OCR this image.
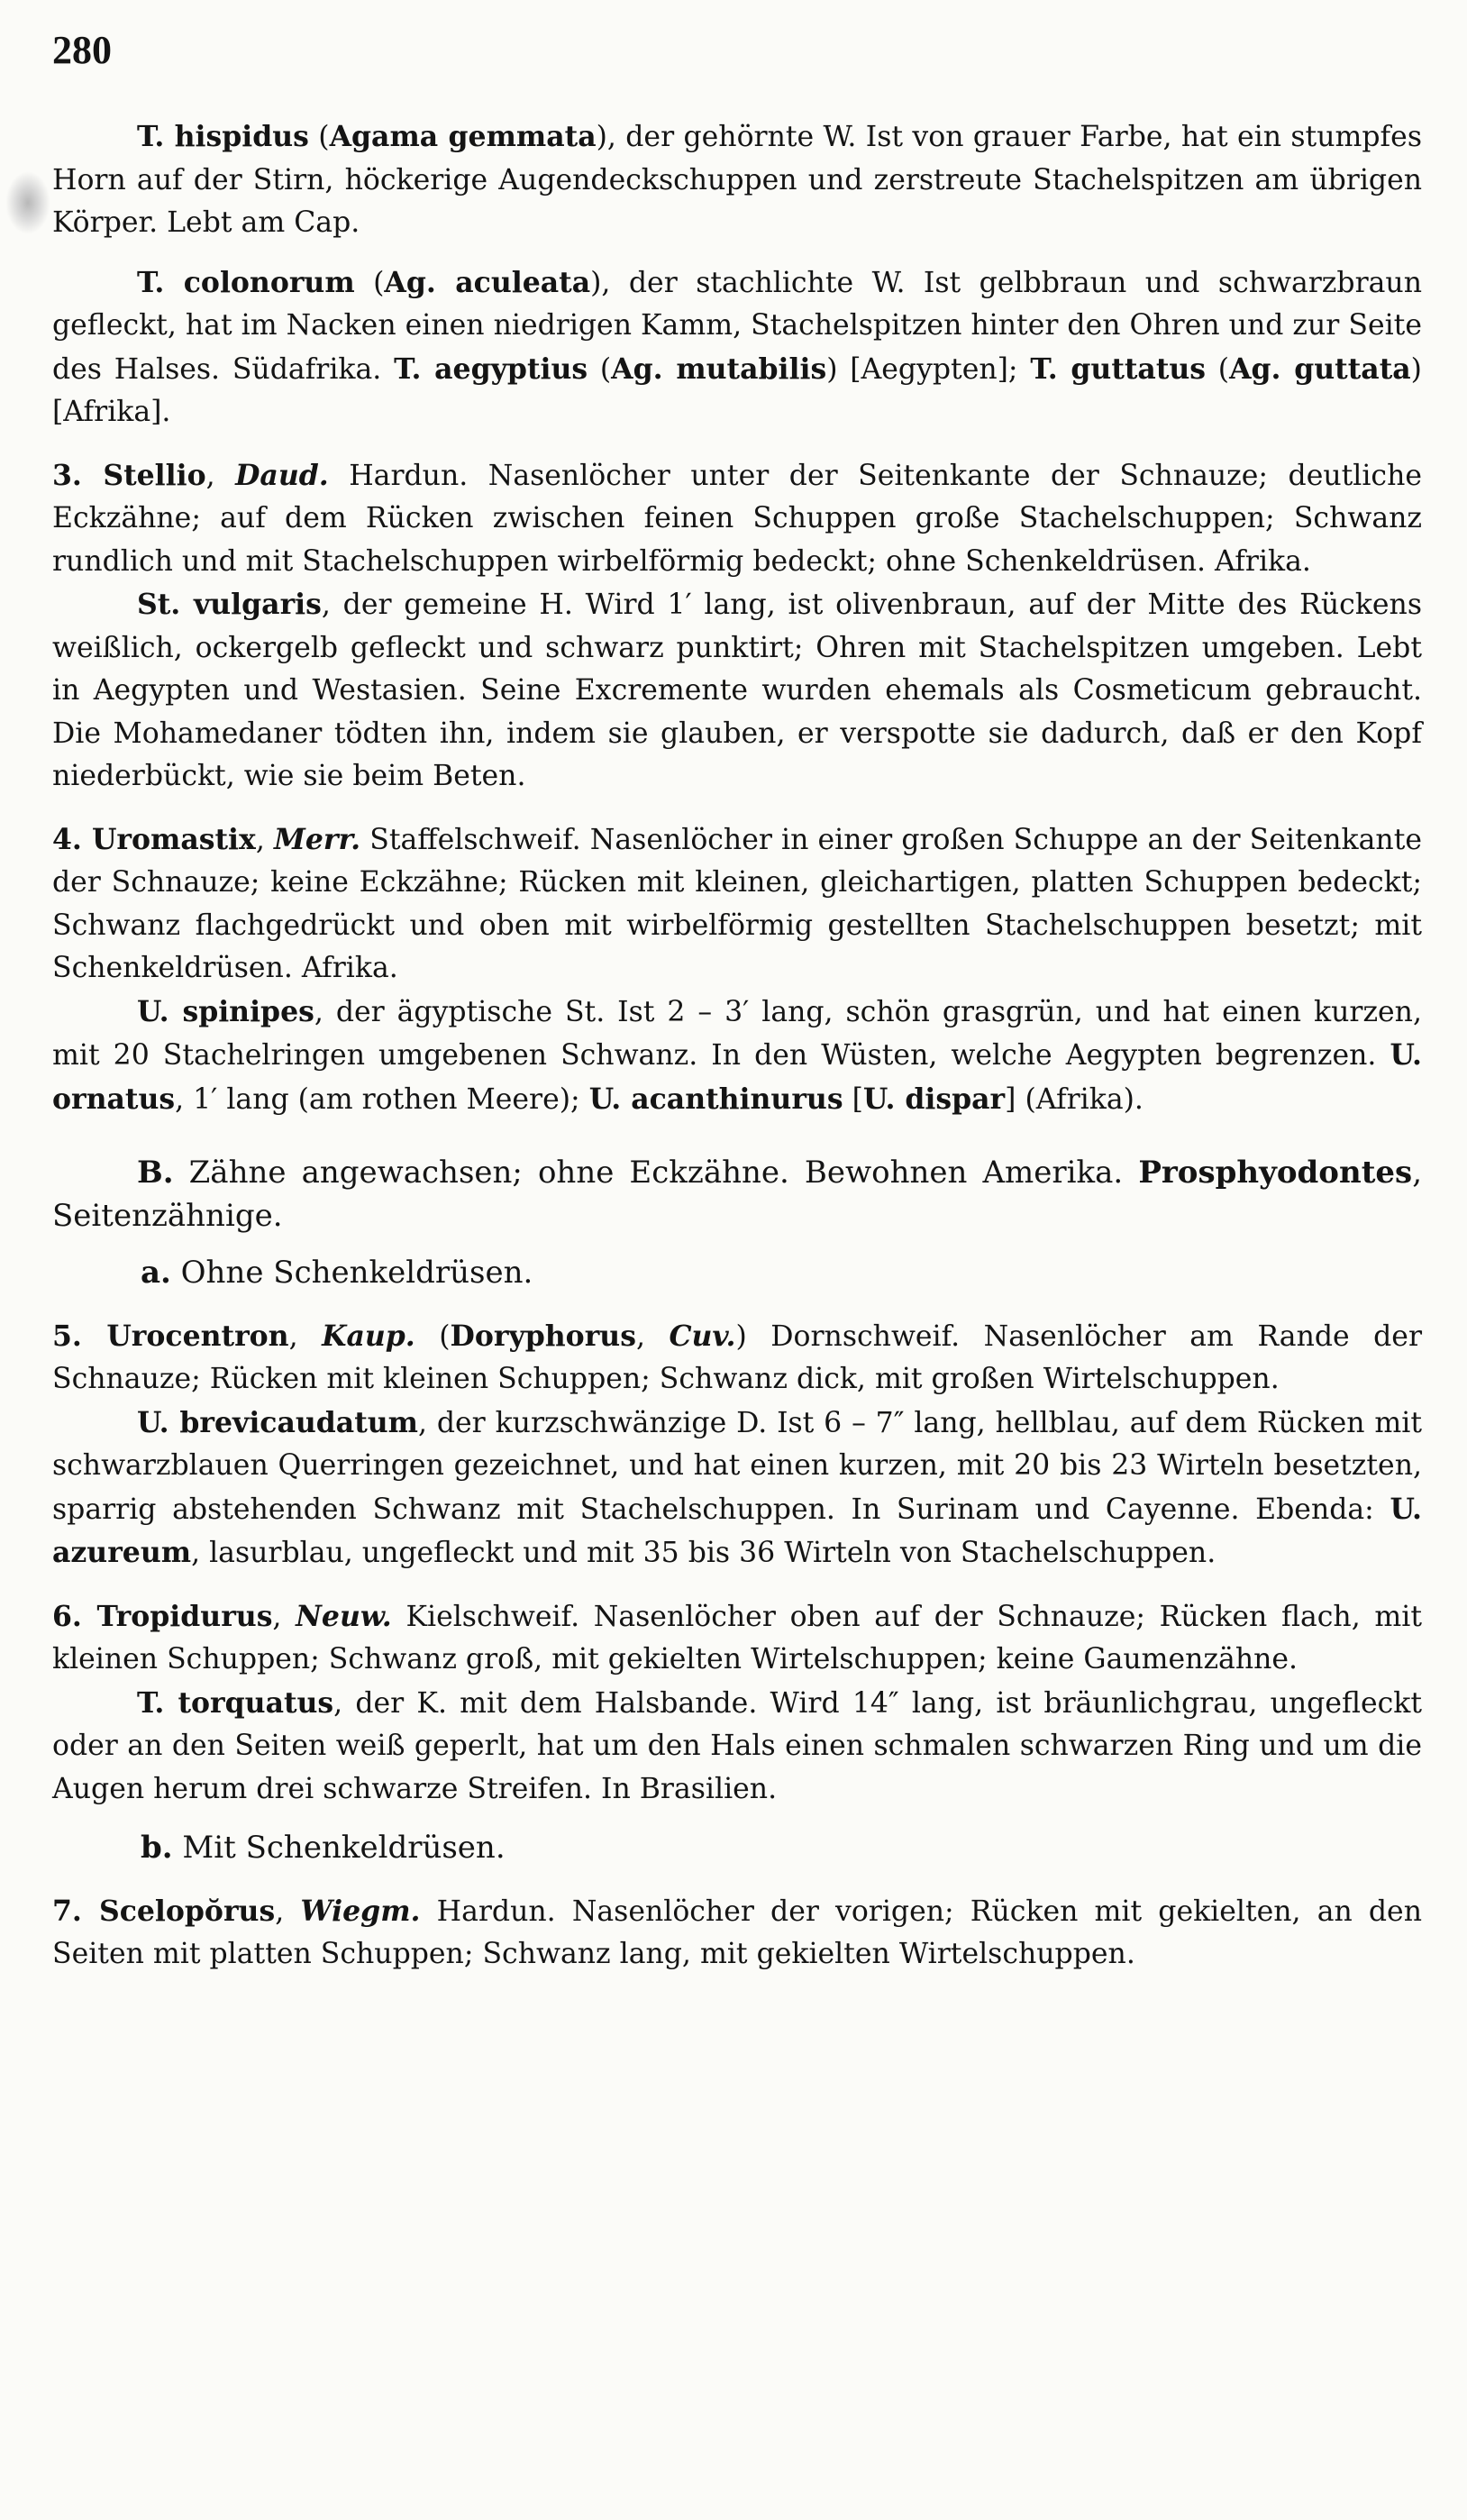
280

T. hispidus (Agama gemmata), der gehörnte W. Ist von grauer Farbe, hat ein stumpfes Horn auf der Stirn, höckerige Augendeckschuppen und zerstreute Stachelspitzen am übrigen Körper. Lebt am Cap.

T. colonorum (Ag. aculeata), der stachlichte W. Ist gelbbraun und schwarzbraun gefleckt, hat im Nacken einen niedrigen Kamm, Stachelspitzen hinter den Ohren und zur Seite des Halses. Südafrika. T. aegyptius (Ag. mutabilis) [Aegypten]; T. guttatus (Ag. guttata) [Afrika].

3. Stellio, Daud. Hardun. Nasenlöcher unter der Seitenkante der Schnauze; deutliche Eckzähne; auf dem Rücken zwischen feinen Schuppen große Stachelschuppen; Schwanz rundlich und mit Stachelschuppen wirbelförmig bedeckt; ohne Schenkeldrüsen. Afrika.

St. vulgaris, der gemeine H. Wird 1′ lang, ist olivenbraun, auf der Mitte des Rückens weißlich, ockergelb gefleckt und schwarz punktirt; Ohren mit Stachelspitzen umgeben. Lebt in Aegypten und Westasien. Seine Excremente wurden ehemals als Cosmeticum gebraucht. Die Mohamedaner tödten ihn, indem sie glauben, er verspotte sie dadurch, daß er den Kopf niederbückt, wie sie beim Beten.

4. Uromastix, Merr. Staffelschweif. Nasenlöcher in einer großen Schuppe an der Seitenkante der Schnauze; keine Eckzähne; Rücken mit kleinen, gleichartigen, platten Schuppen bedeckt; Schwanz flachgedrückt und oben mit wirbelförmig gestellten Stachelschuppen besetzt; mit Schenkeldrüsen. Afrika.

U. spinipes, der ägyptische St. Ist 2 – 3′ lang, schön grasgrün, und hat einen kurzen, mit 20 Stachelringen umgebenen Schwanz. In den Wüsten, welche Aegypten begrenzen. U. ornatus, 1′ lang (am rothen Meere); U. acanthinurus [U. dispar] (Afrika).

B. Zähne angewachsen; ohne Eckzähne. Bewohnen Amerika. Prosphyodontes, Seitenzähnige.

a. Ohne Schenkeldrüsen.

5. Urocentron, Kaup. (Doryphorus, Cuv.) Dornschweif. Nasenlöcher am Rande der Schnauze; Rücken mit kleinen Schuppen; Schwanz dick, mit großen Wirtelschuppen.

U. brevicaudatum, der kurzschwänzige D. Ist 6 – 7″ lang, hellblau, auf dem Rücken mit schwarzblauen Querringen gezeichnet, und hat einen kurzen, mit 20 bis 23 Wirteln besetzten, sparrig abstehenden Schwanz mit Stachelschuppen. In Surinam und Cayenne. Ebenda: U. azureum, lasurblau, ungefleckt und mit 35 bis 36 Wirteln von Stachelschuppen.

6. Tropidurus, Neuw. Kielschweif. Nasenlöcher oben auf der Schnauze; Rücken flach, mit kleinen Schuppen; Schwanz groß, mit gekielten Wirtelschuppen; keine Gaumenzähne.

T. torquatus, der K. mit dem Halsbande. Wird 14″ lang, ist bräunlichgrau, ungefleckt oder an den Seiten weiß geperlt, hat um den Hals einen schmalen schwarzen Ring und um die Augen herum drei schwarze Streifen. In Brasilien.

b. Mit Schenkeldrüsen.

7. Scelopŏrus, Wiegm. Hardun. Nasenlöcher der vorigen; Rücken mit gekielten, an den Seiten mit platten Schuppen; Schwanz lang, mit gekielten Wirtelschuppen.
